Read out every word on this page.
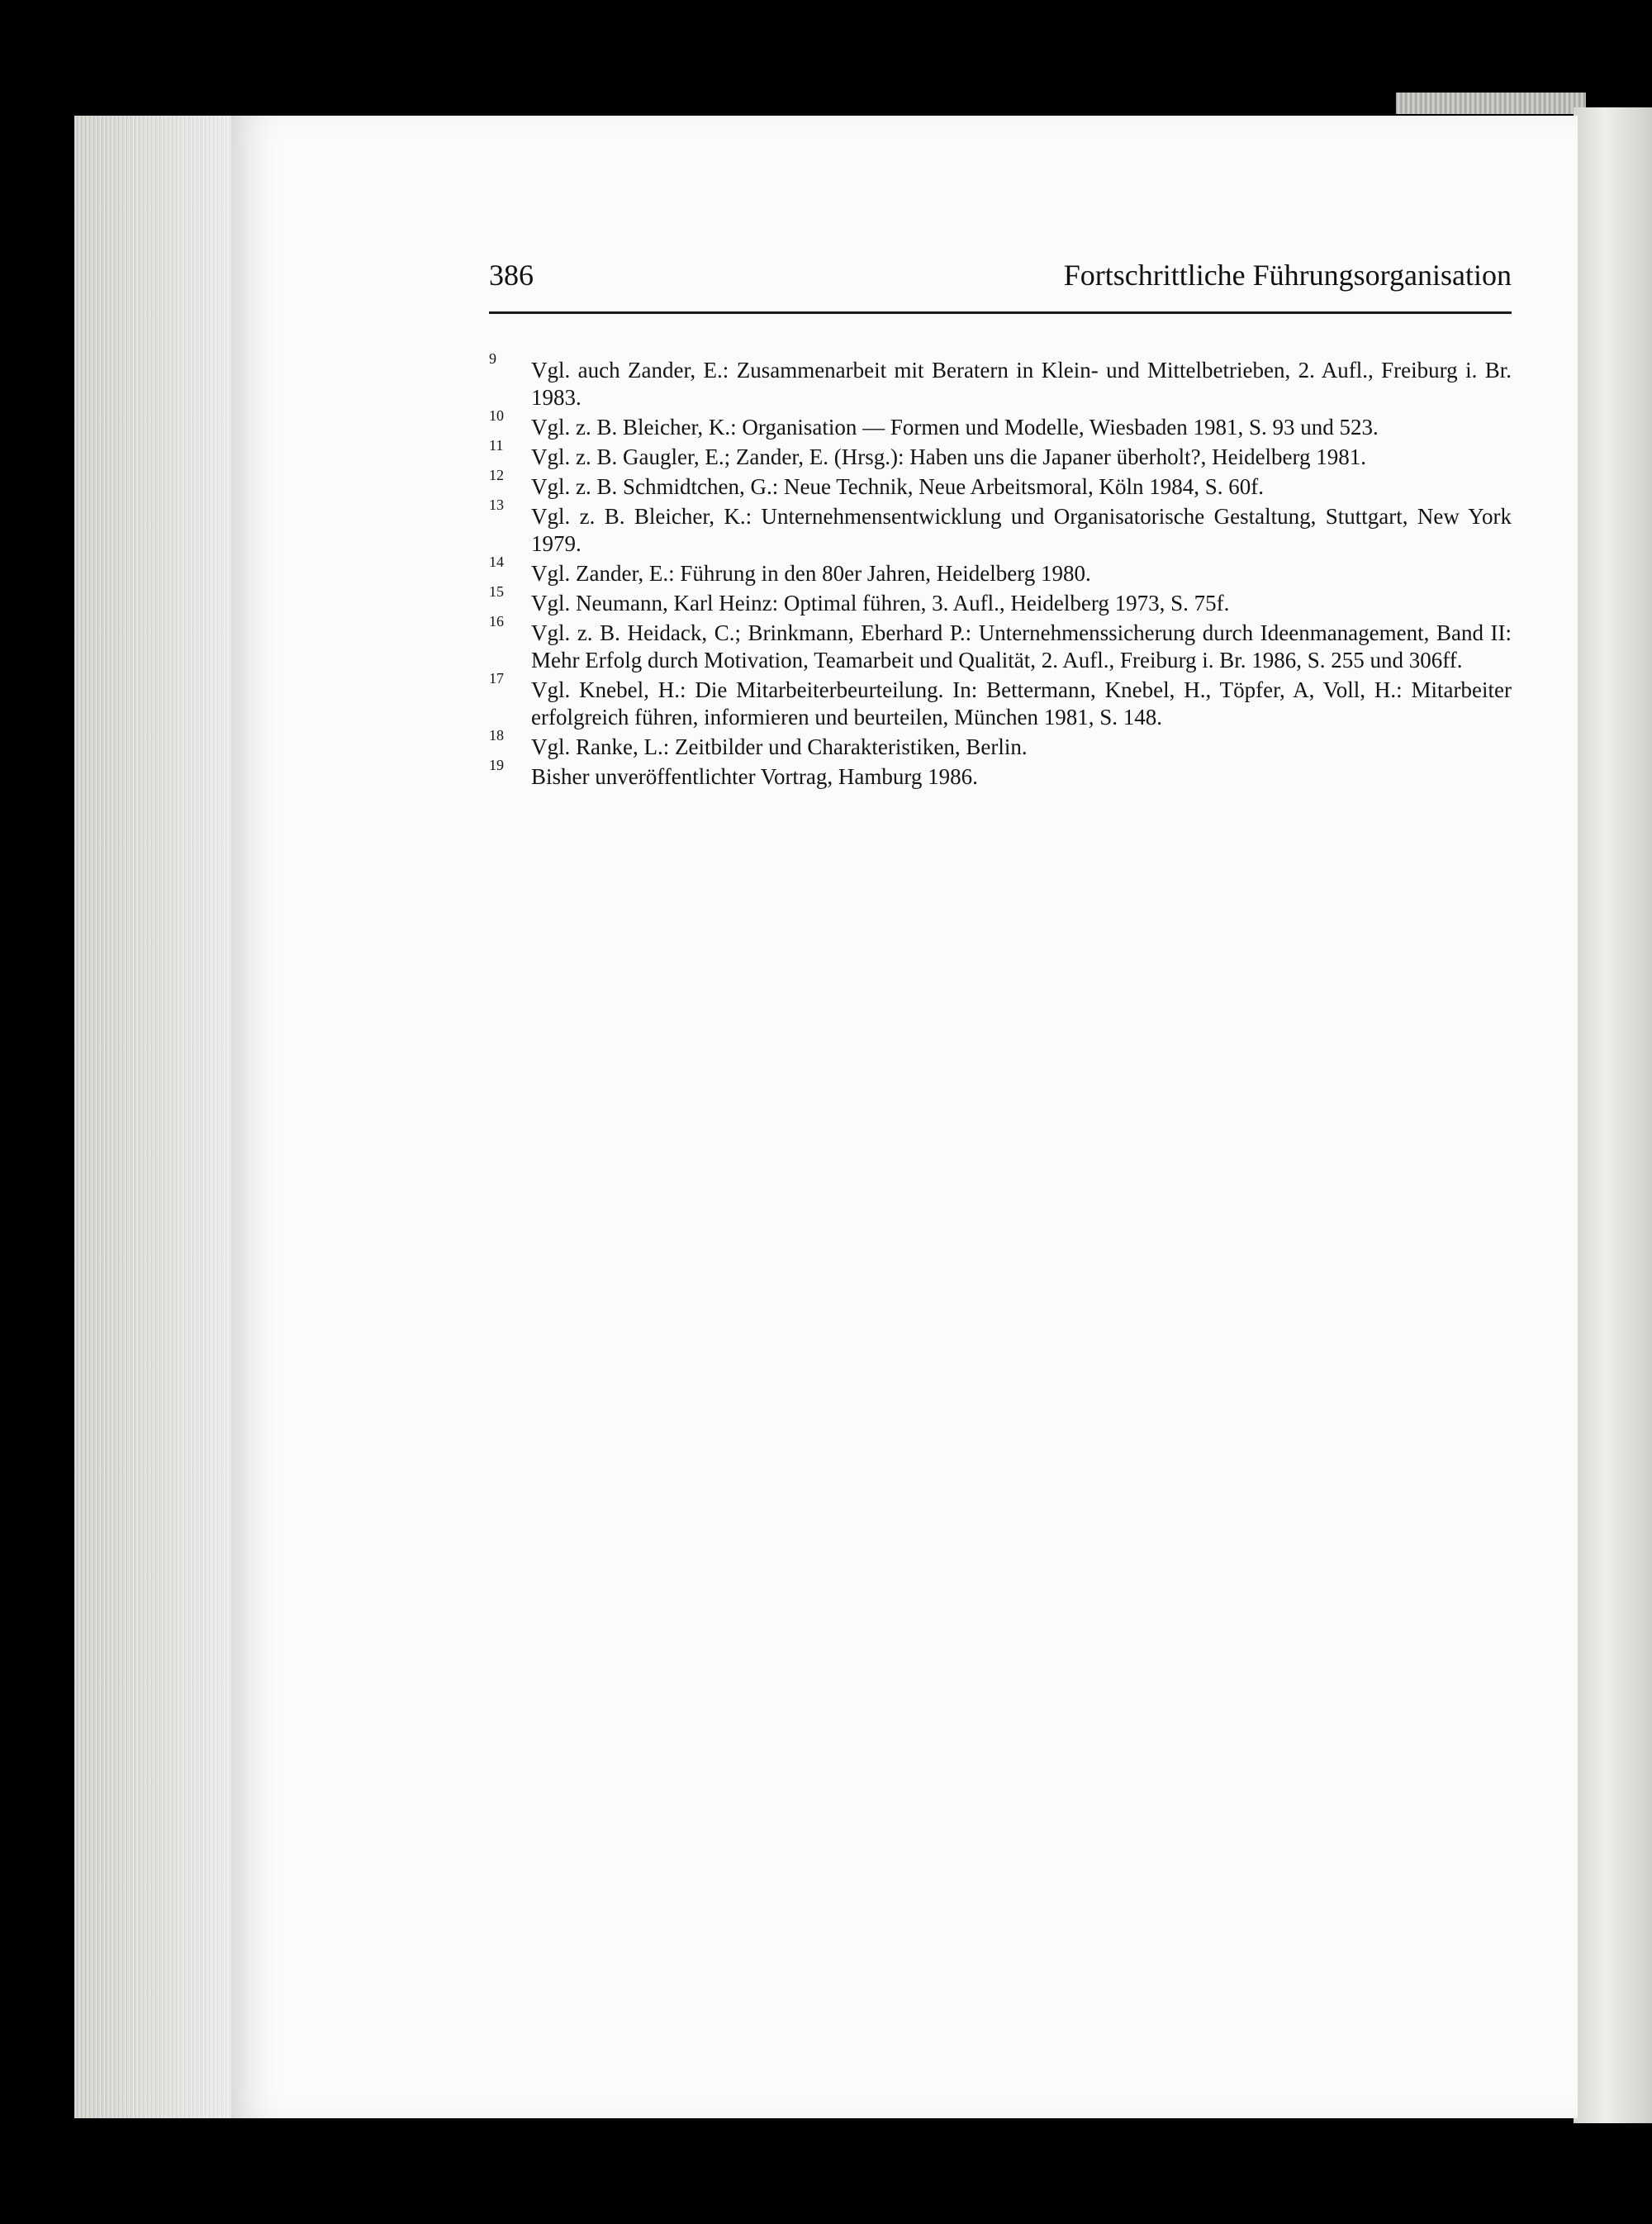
386	Fortschrittliche Führungsorganisation
9 Vgl. auch Zander, E.: Zusammenarbeit mit Beratern in Klein- und Mittelbetrieben, 2. Aufl., Freiburg i. Br. 1983.
10 Vgl. z. B. Bleicher, K.: Organisation — Formen und Modelle, Wiesbaden 1981, S. 93 und 523.
11 Vgl. z. B. Gaugler, E.; Zander, E. (Hrsg.): Haben uns die Japaner überholt?, Heidelberg 1981.
12 Vgl. z. B. Schmidtchen, G.: Neue Technik, Neue Arbeitsmoral, Köln 1984, S. 60f.
13 Vgl. z. B. Bleicher, K.: Unternehmensentwicklung und Organisatorische Gestaltung, Stuttgart, New York 1979.
14 Vgl. Zander, E.: Führung in den 80er Jahren, Heidelberg 1980.
15 Vgl. Neumann, Karl Heinz: Optimal führen, 3. Aufl., Heidelberg 1973, S. 75f.
16 Vgl. z. B. Heidack, C.; Brinkmann, Eberhard P.: Unternehmenssicherung durch Ideenmanagement, Band II: Mehr Erfolg durch Motivation, Teamarbeit und Qualität, 2. Aufl., Freiburg i. Br. 1986, S. 255 und 306ff.
17 Vgl. Knebel, H.: Die Mitarbeiterbeurteilung. In: Bettermann, Knebel, H., Töpfer, A, Voll, H.: Mitarbeiter erfolgreich führen, informieren und beurteilen, München 1981, S. 148.
18 Vgl. Ranke, L.: Zeitbilder und Charakteristiken, Berlin.
19 Bisher unveröffentlichter Vortrag, Hamburg 1986.
